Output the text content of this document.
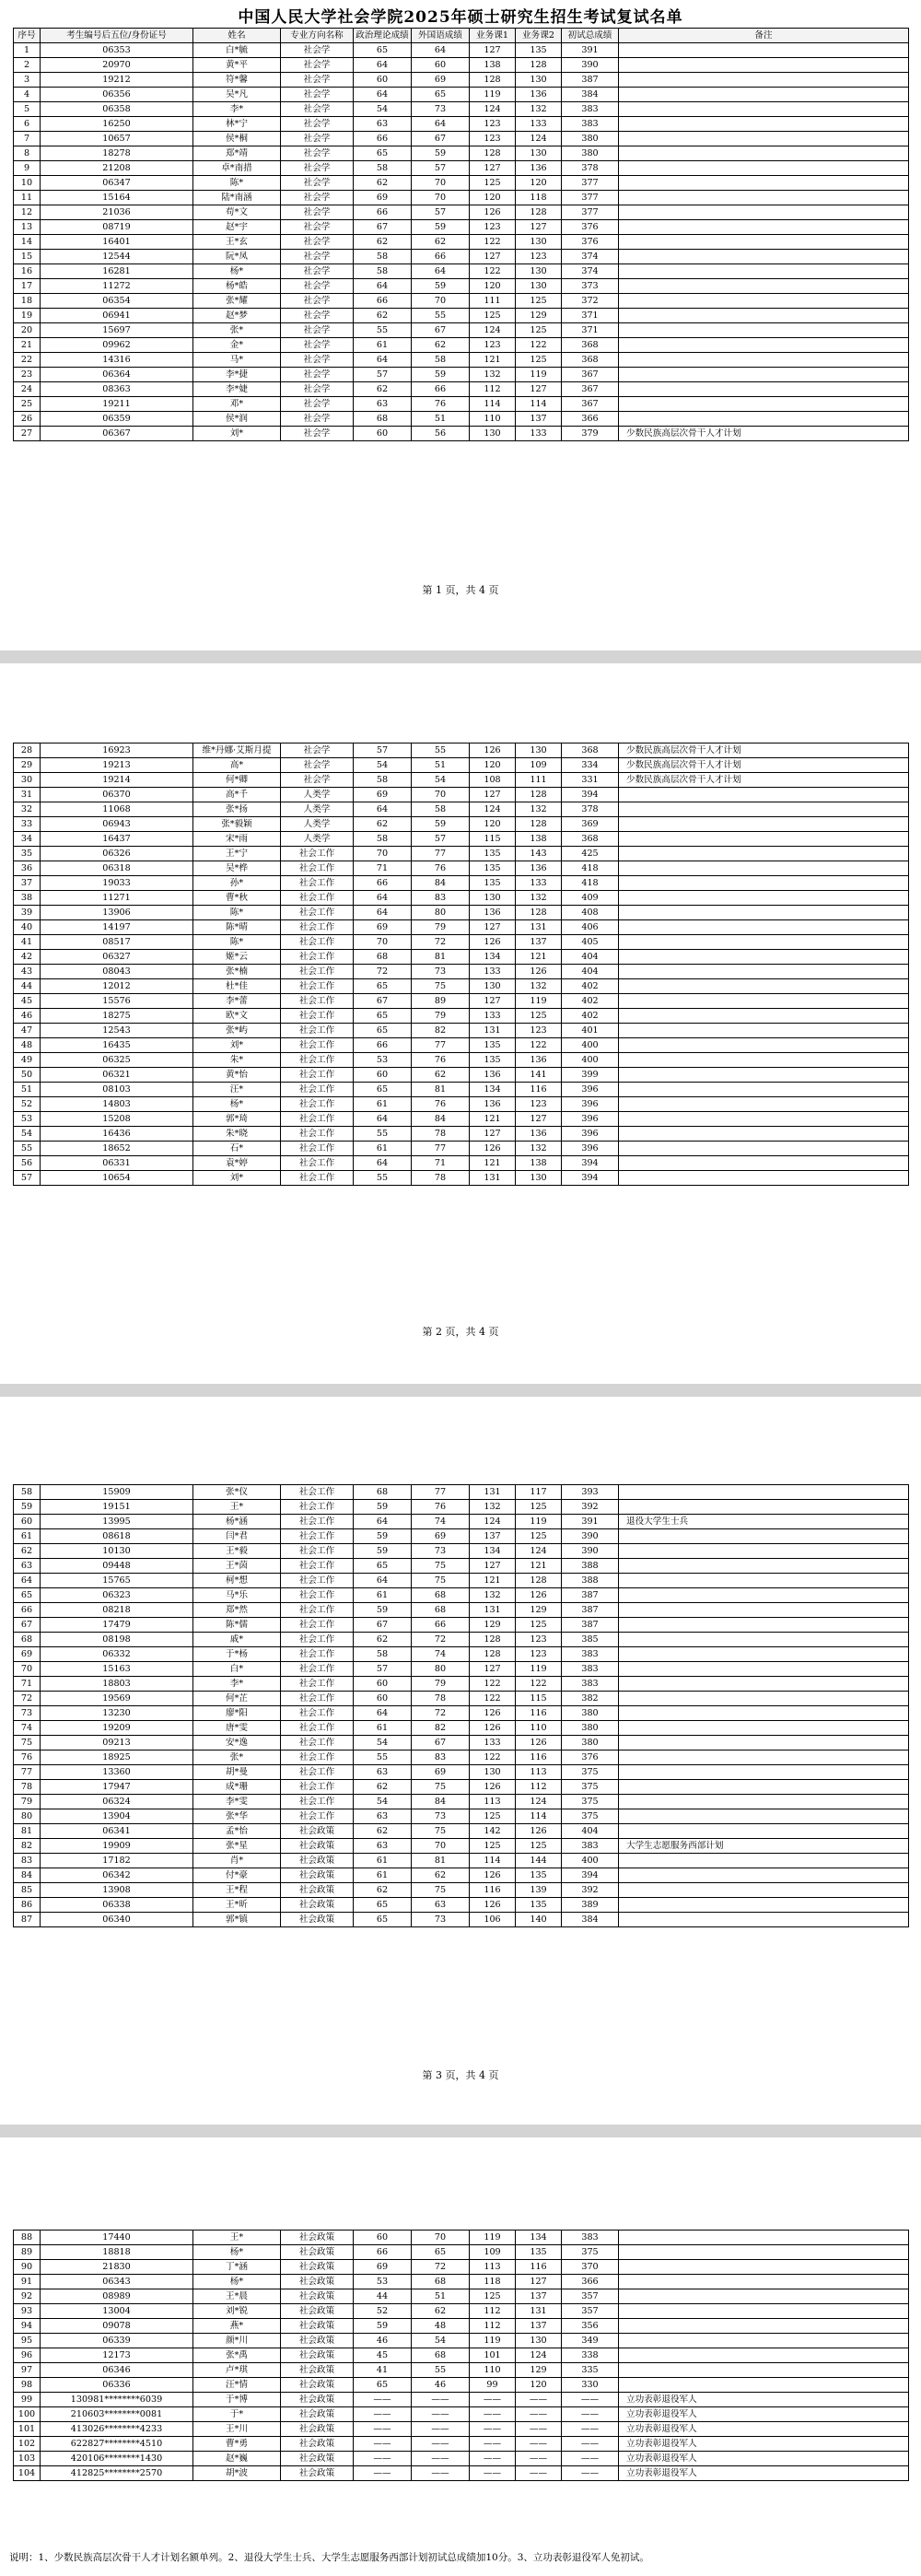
中国人民大学社会学院2025年硕士研究生招生考试复试名单
序号	考生编号后五位/身份证号	姓名	专业方向名称	政治理论成绩	外国语成绩	业务课1	业务课2	初试总成绩	备注
1	06353	白*毓	社会学	65	64	127	135	391	
2	20970	黄*平	社会学	64	60	138	128	390	
3	19212	符*馨	社会学	60	69	128	130	387	
4	06356	吴*凡	社会学	64	65	119	136	384	
5	06358	李*	社会学	54	73	124	132	383	
6	16250	林*宁	社会学	63	64	123	133	383	
7	10657	侯*桐	社会学	66	67	123	124	380	
8	18278	郑*靖	社会学	65	59	128	130	380	
9	21208	卓*南措	社会学	58	57	127	136	378	
10	06347	陈*	社会学	62	70	125	120	377	
11	15164	陆*南涵	社会学	69	70	120	118	377	
12	21036	苟*文	社会学	66	57	126	128	377	
13	08719	赵*宇	社会学	67	59	123	127	376	
14	16401	王*玄	社会学	62	62	122	130	376	
15	12544	阮*凤	社会学	58	66	127	123	374	
16	16281	杨*	社会学	58	64	122	130	374	
17	11272	杨*皓	社会学	64	59	120	130	373	
18	06354	张*耀	社会学	66	70	111	125	372	
19	06941	赵*梦	社会学	62	55	125	129	371	
20	15697	张*	社会学	55	67	124	125	371	
21	09962	金*	社会学	61	62	123	122	368	
22	14316	马*	社会学	64	58	121	125	368	
23	06364	李*捷	社会学	57	59	132	119	367	
24	08363	李*婕	社会学	62	66	112	127	367	
25	19211	邓*	社会学	63	76	114	114	367	
26	06359	侯*润	社会学	68	51	110	137	366	
27	06367	刘*	社会学	60	56	130	133	379	少数民族高层次骨干人才计划
第 1 页，共 4 页
28	16923	维*丹娜·艾斯月提	社会学	57	55	126	130	368	少数民族高层次骨干人才计划
29	19213	高*	社会学	54	51	120	109	334	少数民族高层次骨干人才计划
30	19214	何*卿	社会学	58	54	108	111	331	少数民族高层次骨干人才计划
31	06370	高*千	人类学	69	70	127	128	394	
32	11068	张*扬	人类学	64	58	124	132	378	
33	06943	张*毅颖	人类学	62	59	120	128	369	
34	16437	宋*雨	人类学	58	57	115	138	368	
35	06326	王*宁	社会工作	70	77	135	143	425	
36	06318	吴*桦	社会工作	71	76	135	136	418	
37	19033	孙*	社会工作	66	84	135	133	418	
38	11271	曹*秋	社会工作	64	83	130	132	409	
39	13906	陈*	社会工作	64	80	136	128	408	
40	14197	陈*晴	社会工作	69	79	127	131	406	
41	08517	陈*	社会工作	70	72	126	137	405	
42	06327	姬*云	社会工作	68	81	134	121	404	
43	08043	张*楠	社会工作	72	73	133	126	404	
44	12012	杜*佳	社会工作	65	75	130	132	402	
45	15576	李*蕾	社会工作	67	89	127	119	402	
46	18275	欧*文	社会工作	65	79	133	125	402	
47	12543	张*屿	社会工作	65	82	131	123	401	
48	16435	刘*	社会工作	66	77	135	122	400	
49	06325	朱*	社会工作	53	76	135	136	400	
50	06321	黄*怡	社会工作	60	62	136	141	399	
51	08103	汪*	社会工作	65	81	134	116	396	
52	14803	杨*	社会工作	61	76	136	123	396	
53	15208	郭*琦	社会工作	64	84	121	127	396	
54	16436	朱*晓	社会工作	55	78	127	136	396	
55	18652	石*	社会工作	61	77	126	132	396	
56	06331	袁*婷	社会工作	64	71	121	138	394	
57	10654	刘*	社会工作	55	78	131	130	394	
第 2 页，共 4 页
58	15909	张*仪	社会工作	68	77	131	117	393	
59	19151	王*	社会工作	59	76	132	125	392	
60	13995	杨*涵	社会工作	64	74	124	119	391	退役大学生士兵
61	08618	闫*君	社会工作	59	69	137	125	390	
62	10130	王*毅	社会工作	59	73	134	124	390	
63	09448	王*茵	社会工作	65	75	127	121	388	
64	15765	柯*想	社会工作	64	75	121	128	388	
65	06323	马*乐	社会工作	61	68	132	126	387	
66	08218	郑*然	社会工作	59	68	131	129	387	
67	17479	陈*儒	社会工作	67	66	129	125	387	
68	08198	戚*	社会工作	62	72	128	123	385	
69	06332	于*杨	社会工作	58	74	128	123	383	
70	15163	白*	社会工作	57	80	127	119	383	
71	18803	李*	社会工作	60	79	122	122	383	
72	19569	何*芷	社会工作	60	78	122	115	382	
73	13230	廖*阳	社会工作	64	72	126	116	380	
74	19209	唐*雯	社会工作	61	82	126	110	380	
75	09213	安*逸	社会工作	54	67	133	126	380	
76	18925	张*	社会工作	55	83	122	116	376	
77	13360	胡*曼	社会工作	63	69	130	113	375	
78	17947	成*珊	社会工作	62	75	126	112	375	
79	06324	李*雯	社会工作	54	84	113	124	375	
80	13904	张*华	社会工作	63	73	125	114	375	
81	06341	孟*怡	社会政策	62	75	142	126	404	
82	19909	张*星	社会政策	63	70	125	125	383	大学生志愿服务西部计划
83	17182	肖*	社会政策	61	81	114	144	400	
84	06342	付*豪	社会政策	61	62	126	135	394	
85	13908	王*程	社会政策	62	75	116	139	392	
86	06338	王*昕	社会政策	65	63	126	135	389	
87	06340	郭*镇	社会政策	65	73	106	140	384	
第 3 页，共 4 页
88	17440	王*	社会政策	60	70	119	134	383	
89	18818	杨*	社会政策	66	65	109	135	375	
90	21830	丁*涵	社会政策	69	72	113	116	370	
91	06343	杨*	社会政策	53	68	118	127	366	
92	08989	王*晨	社会政策	44	51	125	137	357	
93	13004	刘*锐	社会政策	52	62	112	131	357	
94	09078	燕*	社会政策	59	48	112	137	356	
95	06339	颜*川	社会政策	46	54	119	130	349	
96	12173	张*禹	社会政策	45	68	101	124	338	
97	06346	卢*琪	社会政策	41	55	110	129	335	
98	06336	汪*情	社会政策	65	46	99	120	330	
99	130981********6039	于*博	社会政策	——	——	——	——	——	立功表彰退役军人
100	210603********0081	于*	社会政策	——	——	——	——	——	立功表彰退役军人
101	413026********4233	王*川	社会政策	——	——	——	——	——	立功表彰退役军人
102	622827********4510	曹*勇	社会政策	——	——	——	——	——	立功表彰退役军人
103	420106********1430	赵*巍	社会政策	——	——	——	——	——	立功表彰退役军人
104	412825********2570	胡*波	社会政策	——	——	——	——	——	立功表彰退役军人
说明：1、少数民族高层次骨干人才计划名额单列。2、退役大学生士兵、大学生志愿服务西部计划初试总成绩加10分。3、立功表彰退役军人免初试。
